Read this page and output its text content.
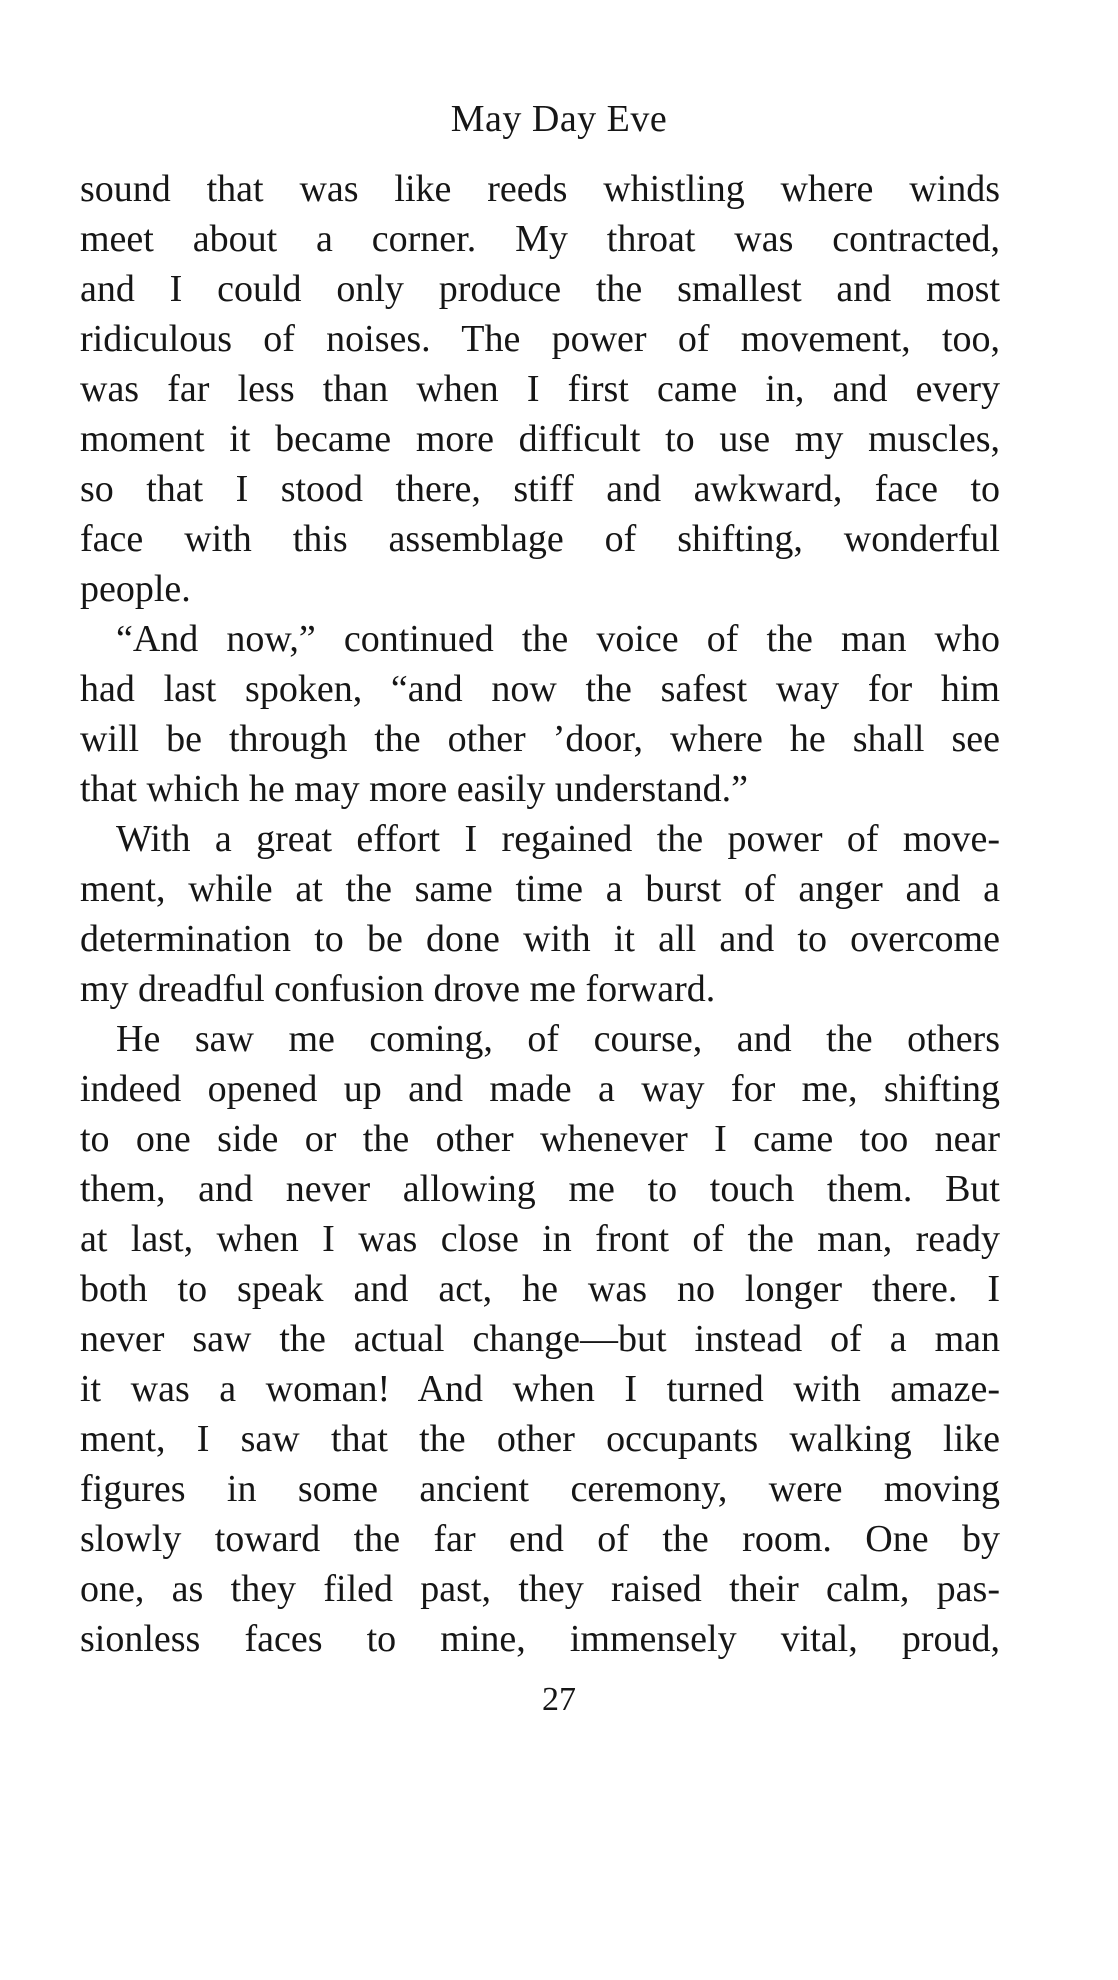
May Day Eve
sound that was like reeds whistling where winds
meet about a corner. My throat was contracted,
and I could only produce the smallest and most
ridiculous of noises. The power of movement, too,
was far less than when I first came in, and every
moment it became more difficult to use my muscles,
so that I stood there, stiff and awkward, face to
face with this assemblage of shifting, wonderful
people.
“And now,” continued the voice of the man who
had last spoken, “and now the safest way for him
will be through the other ’door, where he shall see
that which he may more easily understand.”
With a great effort I regained the power of move-
ment, while at the same time a burst of anger and a
determination to be done with it all and to overcome
my dreadful confusion drove me forward.
He saw me coming, of course, and the others
indeed opened up and made a way for me, shifting
to one side or the other whenever I came too near
them, and never allowing me to touch them. But
at last, when I was close in front of the man, ready
both to speak and act, he was no longer there. I
never saw the actual change—but instead of a man
it was a woman! And when I turned with amaze-
ment, I saw that the other occupants walking like
figures in some ancient ceremony, were moving
slowly toward the far end of the room. One by
one, as they filed past, they raised their calm, pas-
sionless faces to mine, immensely vital, proud,
27
